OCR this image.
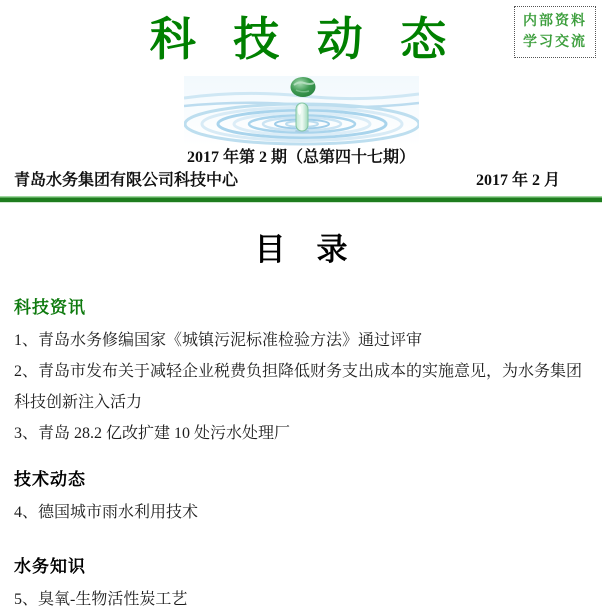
内部资料
学习交流
科 技 动 态
2017 年第 2 期（总第四十七期）
青岛水务集团有限公司科技中心	2017 年 2 月
目　录
科技资讯
1、青岛水务修编国家《城镇污泥标准检验方法》通过评审
2、青岛市发布关于减轻企业税费负担降低财务支出成本的实施意见，为水务集团科技创新注入活力
3、青岛 28.2 亿改扩建 10 处污水处理厂
技术动态
4、德国城市雨水利用技术
水务知识
5、臭氧-生物活性炭工艺
